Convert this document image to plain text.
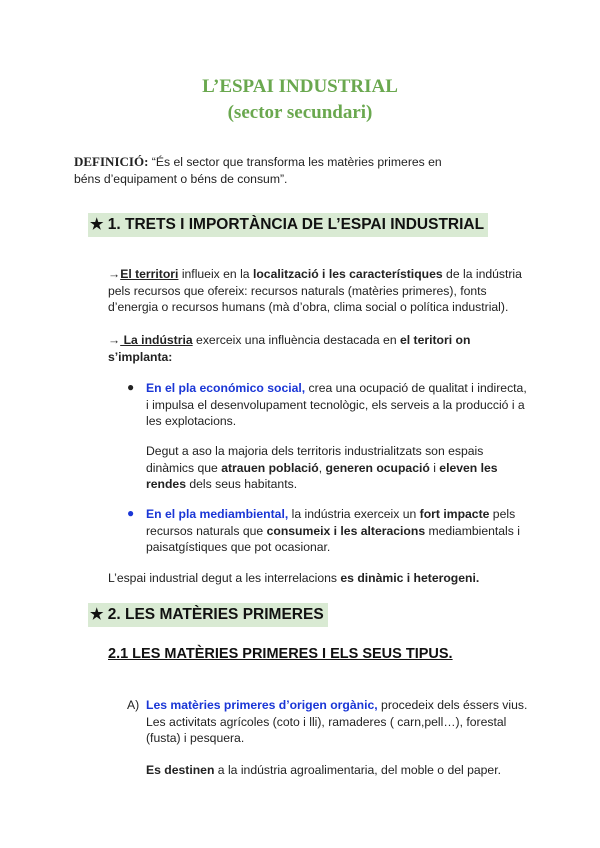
L’ESPAI INDUSTRIAL
(sector secundari)
DEFINICIÓ: “És el sector que transforma les matèries primeres en
béns d’equipament o béns de consum”.
★ 1. TRETS I IMPORTÀNCIA DE L’ESPAI INDUSTRIAL
→El territori influeix en la localització i les característiques de la indústria
pels recursos que ofereix: recursos naturals (matèries primeres), fonts
d’energia o recursos humans (mà d’obra, clima social o política industrial).
→ La indústria exerceix una influència destacada en el teritori on
s’implanta:
● En el pla económico social, crea una ocupació de qualitat i indirecta,
i impulsa el desenvolupament tecnològic, els serveis a la producció i a
les explotacions.
Degut a aso la majoria dels territoris industrialitzats son espais
dinàmics que atrauen població, generen ocupació i eleven les
rendes dels seus habitants.
● En el pla mediambiental, la indústria exerceix un fort impacte pels
recursos naturals que consumeix i les alteracions mediambientals i
paisatgístiques que pot ocasionar.
L’espai industrial degut a les interrelacions es dinàmic i heterogeni.
★ 2. LES MATÈRIES PRIMERES
2.1 LES MATÈRIES PRIMERES I ELS SEUS TIPUS.
A) Les matèries primeres d’origen orgànic, procedeix dels éssers vius.
Les activitats agrícoles (coto i lli), ramaderes ( carn,pell…), forestal
(fusta) i pesquera.
Es destinen a la indústria agroalimentaria, del moble o del paper.
